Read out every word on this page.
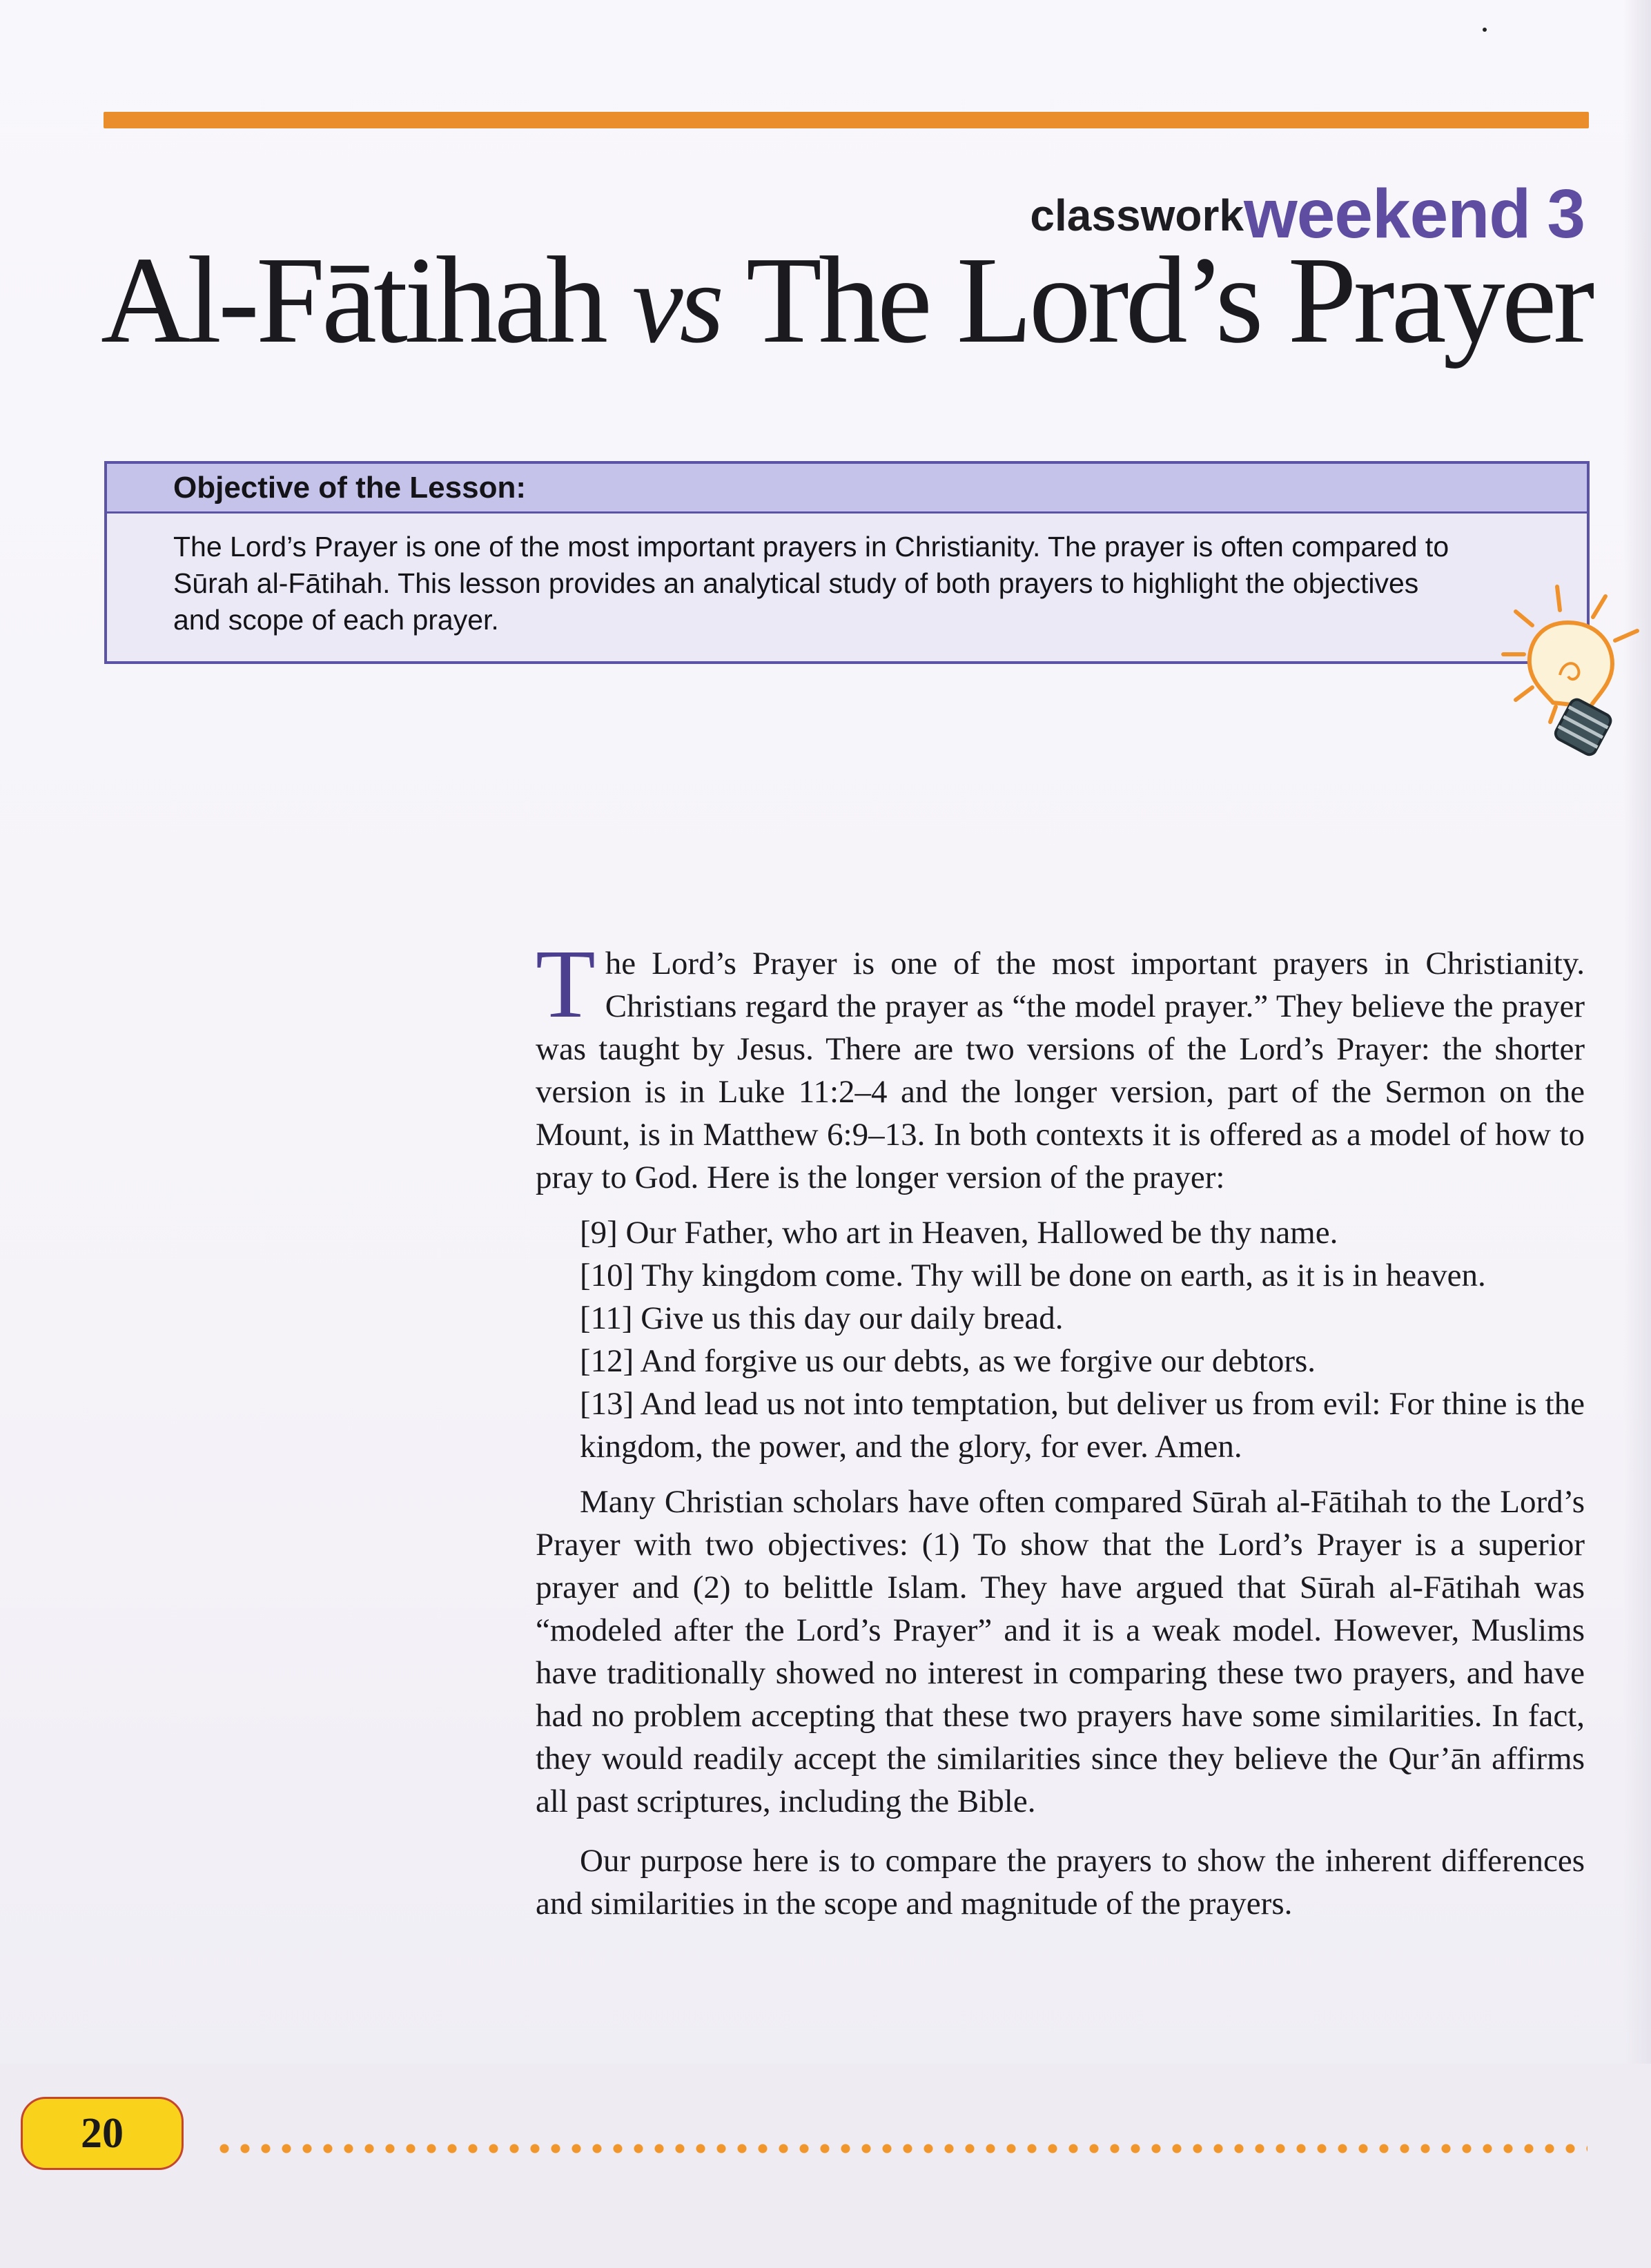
classwork weekend 3
Al-Fātihah vs The Lord’s Prayer
Objective of the Lesson:
The Lord’s Prayer is one of the most important prayers in Christianity. The prayer is often compared to
Sūrah al-Fātihah. This lesson provides an analytical study of both prayers to highlight the objectives
and scope of each prayer.

The Lord’s Prayer is one of the most important prayers in Christianity. Christians regard the prayer as “the model prayer.” They believe the prayer was taught by Jesus. There are two versions of the Lord’s Prayer: the shorter version is in Luke 11:2–4 and the longer version, part of the Sermon on the Mount, is in Matthew 6:9–13. In both contexts it is offered as a model of how to pray to God. Here is the longer version of the prayer:

[9] Our Father, who art in Heaven, Hallowed be thy name.

[10] Thy kingdom come. Thy will be done on earth, as it is in heaven.

[11] Give us this day our daily bread.

[12] And forgive us our debts, as we forgive our debtors.

[13] And lead us not into temptation, but deliver us from evil: For thine is the kingdom, the power, and the glory, for ever. Amen.

Many Christian scholars have often compared Sūrah al-Fātihah to the Lord’s Prayer with two objectives: (1) To show that the Lord’s Prayer is a superior prayer and (2) to belittle Islam. They have argued that Sūrah al-Fātihah was “modeled after the Lord’s Prayer” and it is a weak model. However, Muslims have traditionally showed no interest in comparing these two prayers, and have had no problem accepting that these two prayers have some similarities. In fact, they would readily accept the similarities since they believe the Qur’ān affirms all past scriptures, including the Bible.

Our purpose here is to compare the prayers to show the inherent differences and similarities in the scope and magnitude of the prayers.

20
